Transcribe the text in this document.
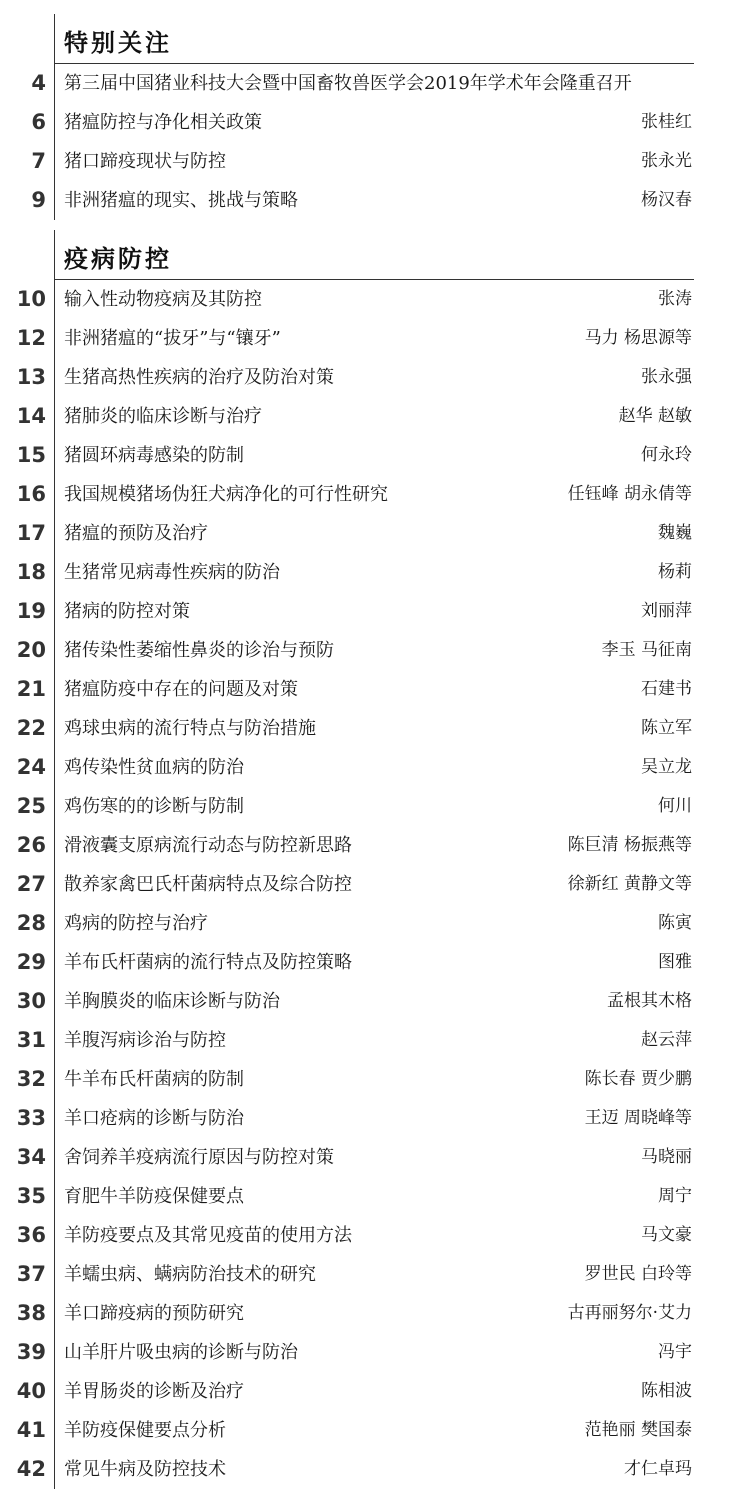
特别关注
4 第三届中国猪业科技大会暨中国畜牧兽医学会2019年学术年会隆重召开
6 猪瘟防控与净化相关政策	张桂红
7 猪口蹄疫现状与防控	张永光
9 非洲猪瘟的现实、挑战与策略	杨汉春
疫病防控
10 输入性动物疫病及其防控	张涛
12 非洲猪瘟的“拔牙”与“镶牙”	马力 杨思源等
13 生猪高热性疾病的治疗及防治对策	张永强
14 猪肺炎的临床诊断与治疗	赵华 赵敏
15 猪圆环病毒感染的防制	何永玲
16 我国规模猪场伪狂犬病净化的可行性研究	任钰峰 胡永倩等
17 猪瘟的预防及治疗	魏巍
18 生猪常见病毒性疾病的防治	杨莉
19 猪病的防控对策	刘丽萍
20 猪传染性萎缩性鼻炎的诊治与预防	李玉 马征南
21 猪瘟防疫中存在的问题及对策	石建书
22 鸡球虫病的流行特点与防治措施	陈立军
24 鸡传染性贫血病的防治	吴立龙
25 鸡伤寒的的诊断与防制	何川
26 滑液囊支原病流行动态与防控新思路	陈巨清 杨振燕等
27 散养家禽巴氏杆菌病特点及综合防控	徐新红 黄静文等
28 鸡病的防控与治疗	陈寅
29 羊布氏杆菌病的流行特点及防控策略	图雅
30 羊胸膜炎的临床诊断与防治	孟根其木格
31 羊腹泻病诊治与防控	赵云萍
32 牛羊布氏杆菌病的防制	陈长春 贾少鹏
33 羊口疮病的诊断与防治	王迈 周晓峰等
34 舍饲养羊疫病流行原因与防控对策	马晓丽
35 育肥牛羊防疫保健要点	周宁
36 羊防疫要点及其常见疫苗的使用方法	马文豪
37 羊蠕虫病、螨病防治技术的研究	罗世民 白玲等
38 羊口蹄疫病的预防研究	古再丽努尔·艾力
39 山羊肝片吸虫病的诊断与防治	冯宇
40 羊胃肠炎的诊断及治疗	陈相波
41 羊防疫保健要点分析	范艳丽 樊国泰
42 常见牛病及防控技术	才仁卓玛
